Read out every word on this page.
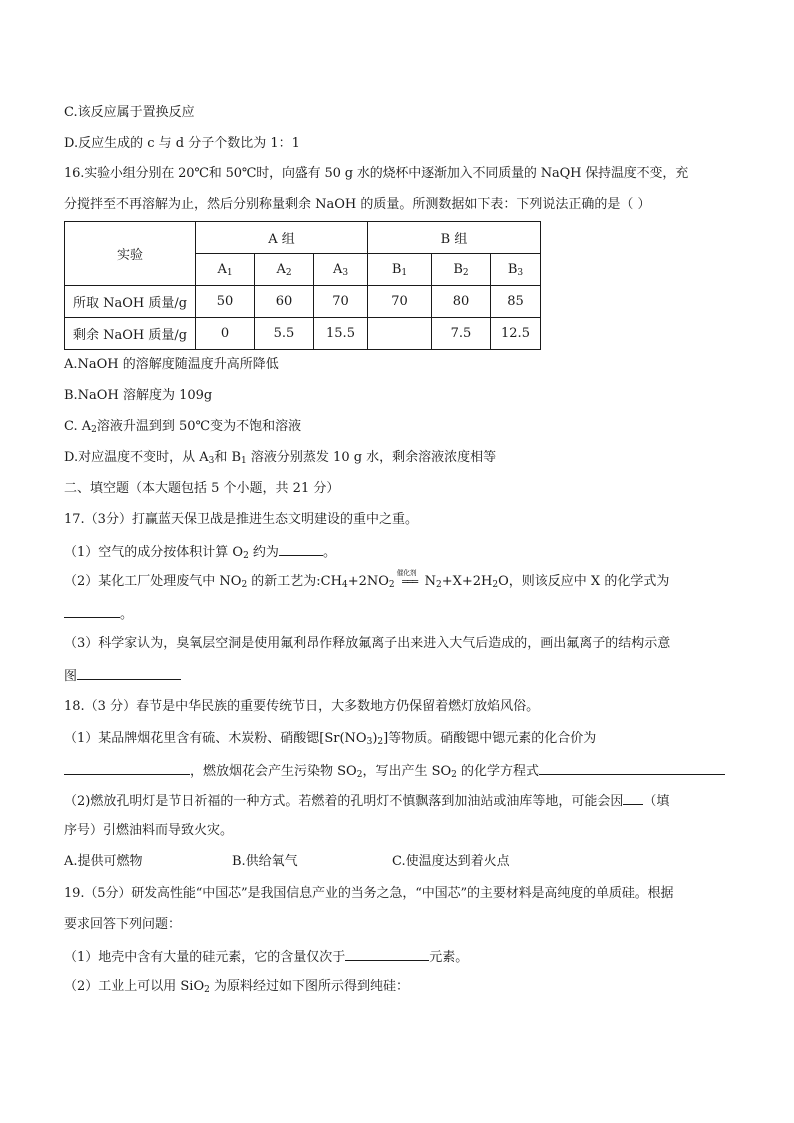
C.该反应属于置换反应
D.反应生成的 c 与 d 分子个数比为 1：1
16.实验小组分别在 20℃和 50℃时，向盛有 50 g 水的烧杯中逐渐加入不同质量的 NaQH 保持温度不变，充
分搅拌至不再溶解为止，然后分别称量剩余 NaOH 的质量。所测数据如下表：下列说法正确的是（ ）
实验	A 组			B 组		
	$A_1$	$A_2$	$A_3$	$B_1$	$B_2$	$B_3$
所取 NaOH 质量/g	50	60	70	70	80	85
剩余 NaOH 质量/g	0	5.5	15.5		7.5	12.5
A.NaOH 的溶解度随温度升高所降低
B.NaOH 溶解度为 109g
C. $A_2$溶液升温到到 50℃变为不饱和溶液
D.对应温度不变时，从 $A_3$和 $B_1$ 溶液分别蒸发 10 g 水，剩余溶液浓度相等
二、填空题（本大题包括 5 个小题，共 21 分）
17.（3分）打赢蓝天保卫战是推进生态文明建设的重中之重。
（1）空气的成分按体积计算 $O_2$ 约为	。
（2）某化工厂处理废气中 $NO_2$ 的新工艺为$:CH_4+2NO_2$
催化剂
═══ $N_2+X+2H_2O$，则该反应中 X 的化学式为
。
（3）科学家认为，臭氧层空洞是使用氟利昂作释放氟离子出来进入大气后造成的，画出氟离子的结构示意
图
18.（3 分）春节是中华民族的重要传统节日，大多数地方仍保留着燃灯放焰风俗。
（1）某品牌烟花里含有硫、木炭粉、硝酸锶$[Sr(NO_3)_2]$等物质。硝酸锶中锶元素的化合价为
，燃放烟花会产生污染物 $SO_2$，写出产生 $SO_2$ 的化学方程式
（2)燃放孔明灯是节日祈福的一种方式。若燃着的孔明灯不慎飘落到加油站或油库等地，可能会因 （填
序号）引燃油料而导致火灾。
A.提供可燃物	B.供给氧气	C.使温度达到着火点
19.（5分）研发高性能“中国芯”是我国信息产业的当务之急，“中国芯”的主要材料是高纯度的单质硅。根据
要求回答下列问题：
（1）地壳中含有大量的硅元素，它的含量仅次于	元素。
（2）工业上可以用 SiO$_2$ 为原料经过如下图所示得到纯硅：
